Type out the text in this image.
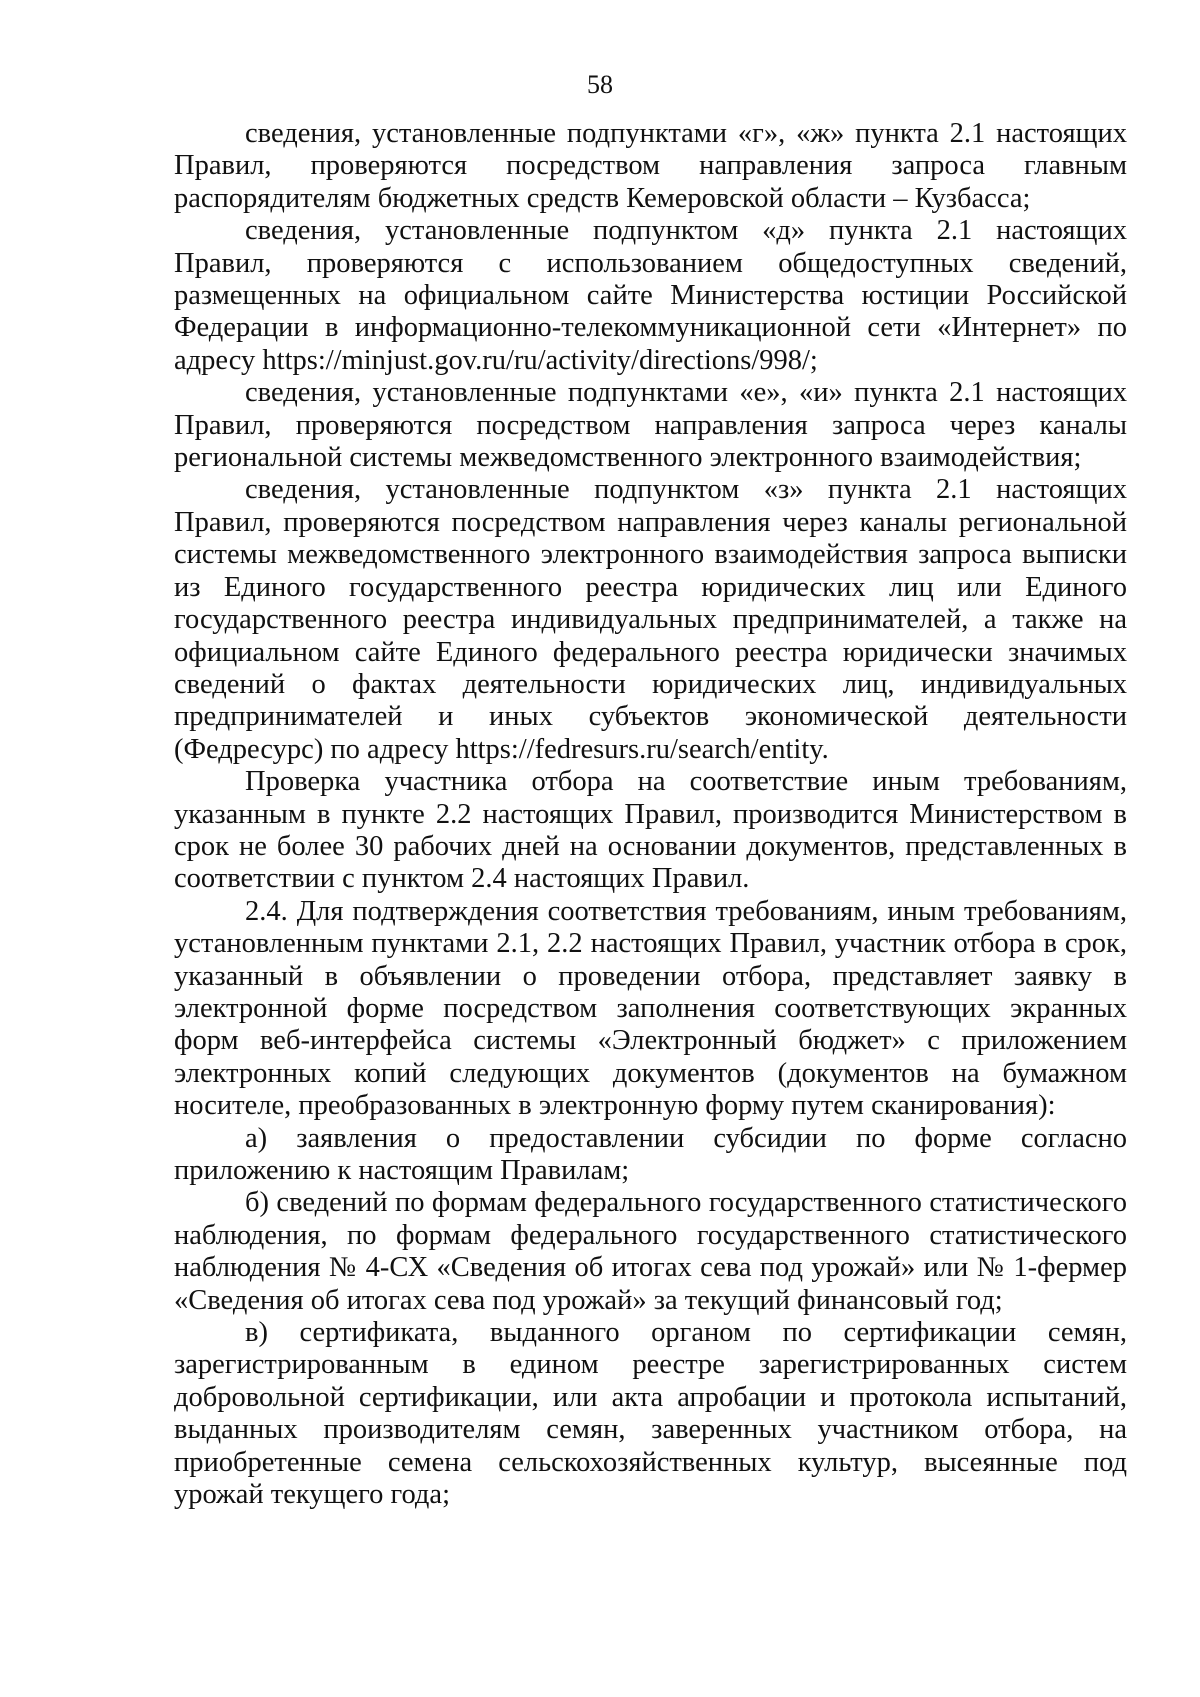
58

сведения, установленные подпунктами «г», «ж» пункта 2.1 настоящих Правил, проверяются посредством направления запроса главным распорядителям бюджетных средств Кемеровской области – Кузбасса;

сведения, установленные подпунктом «д» пункта 2.1 настоящих Правил, проверяются с использованием общедоступных сведений, размещенных на официальном сайте Министерства юстиции Российской Федерации в информационно-телекоммуникационной сети «Интернет» по адресу https://minjust.gov.ru/ru/activity/directions/998/;

сведения, установленные подпунктами «е», «и» пункта 2.1 настоящих Правил, проверяются посредством направления запроса через каналы региональной системы межведомственного электронного взаимодействия;

сведения, установленные подпунктом «з» пункта 2.1 настоящих Правил, проверяются посредством направления через каналы региональной системы межведомственного электронного взаимодействия запроса выписки из Единого государственного реестра юридических лиц или Единого государственного реестра индивидуальных предпринимателей, а также на официальном сайте Единого федерального реестра юридически значимых сведений о фактах деятельности юридических лиц, индивидуальных предпринимателей и иных субъектов экономической деятельности (Федресурс) по адресу https://fedresurs.ru/search/entity.

Проверка участника отбора на соответствие иным требованиям, указанным в пункте 2.2 настоящих Правил, производится Министерством в срок не более 30 рабочих дней на основании документов, представленных в соответствии с пунктом 2.4 настоящих Правил.

2.4. Для подтверждения соответствия требованиям, иным требованиям, установленным пунктами 2.1, 2.2 настоящих Правил, участник отбора в срок, указанный в объявлении о проведении отбора, представляет заявку в электронной форме посредством заполнения соответствующих экранных форм веб-интерфейса системы «Электронный бюджет» с приложением электронных копий следующих документов (документов на бумажном носителе, преобразованных в электронную форму путем сканирования):

а) заявления о предоставлении субсидии по форме согласно приложению к настоящим Правилам;

б) сведений по формам федерального государственного статистического наблюдения, по формам федерального государственного статистического наблюдения № 4-СХ «Сведения об итогах сева под урожай» или № 1-фермер «Сведения об итогах сева под урожай» за текущий финансовый год;

в) сертификата, выданного органом по сертификации семян, зарегистрированным в едином реестре зарегистрированных систем добровольной сертификации, или акта апробации и протокола испытаний, выданных производителям семян, заверенных участником отбора, на приобретенные семена сельскохозяйственных культур, высеянные под урожай текущего года;
